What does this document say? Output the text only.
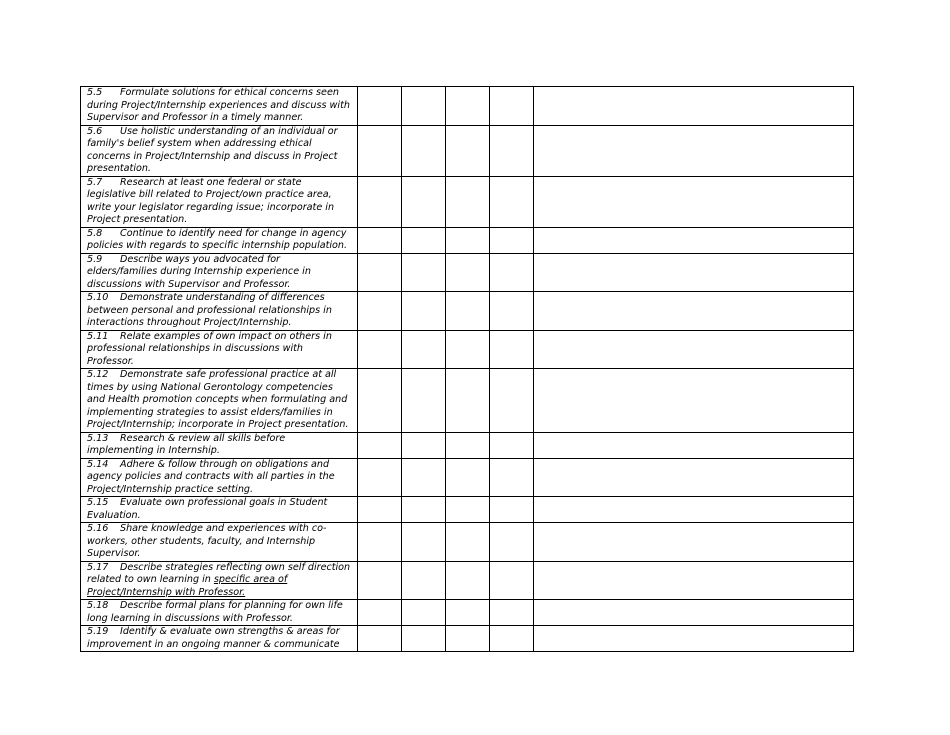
5.5 Formulate solutions for ethical concerns seen during Project/Internship experiences and discuss with Supervisor and Professor in a timely manner.					
5.6 Use holistic understanding of an individual or family's belief system when addressing ethical concerns in Project/Internship and discuss in Project presentation.					
5.7 Research at least one federal or state legislative bill related to Project/own practice area, write your legislator regarding issue; incorporate in Project presentation.					
5.8 Continue to identify need for change in agency policies with regards to specific internship population.					
5.9 Describe ways you advocated for elders/families during Internship experience in discussions with Supervisor and Professor.					
5.10 Demonstrate understanding of differences between personal and professional relationships in interactions throughout Project/Internship.					
5.11 Relate examples of own impact on others in professional relationships in discussions with Professor.					
5.12 Demonstrate safe professional practice at all times by using National Gerontology competencies and Health promotion concepts when formulating and implementing strategies to assist elders/families in Project/Internship; incorporate in Project presentation.					
5.13 Research & review all skills before implementing in Internship.					
5.14 Adhere & follow through on obligations and agency policies and contracts with all parties in the Project/Internship practice setting.					
5.15 Evaluate own professional goals in Student Evaluation.					
5.16 Share knowledge and experiences with co-workers, other students, faculty, and Internship Supervisor.					
5.17 Describe strategies reflecting own self direction related to own learning in specific area of Project/Internship with Professor.					
5.18 Describe formal plans for planning for own life long learning in discussions with Professor.					
5.19 Identify & evaluate own strengths & areas for improvement in an ongoing manner & communicate					
